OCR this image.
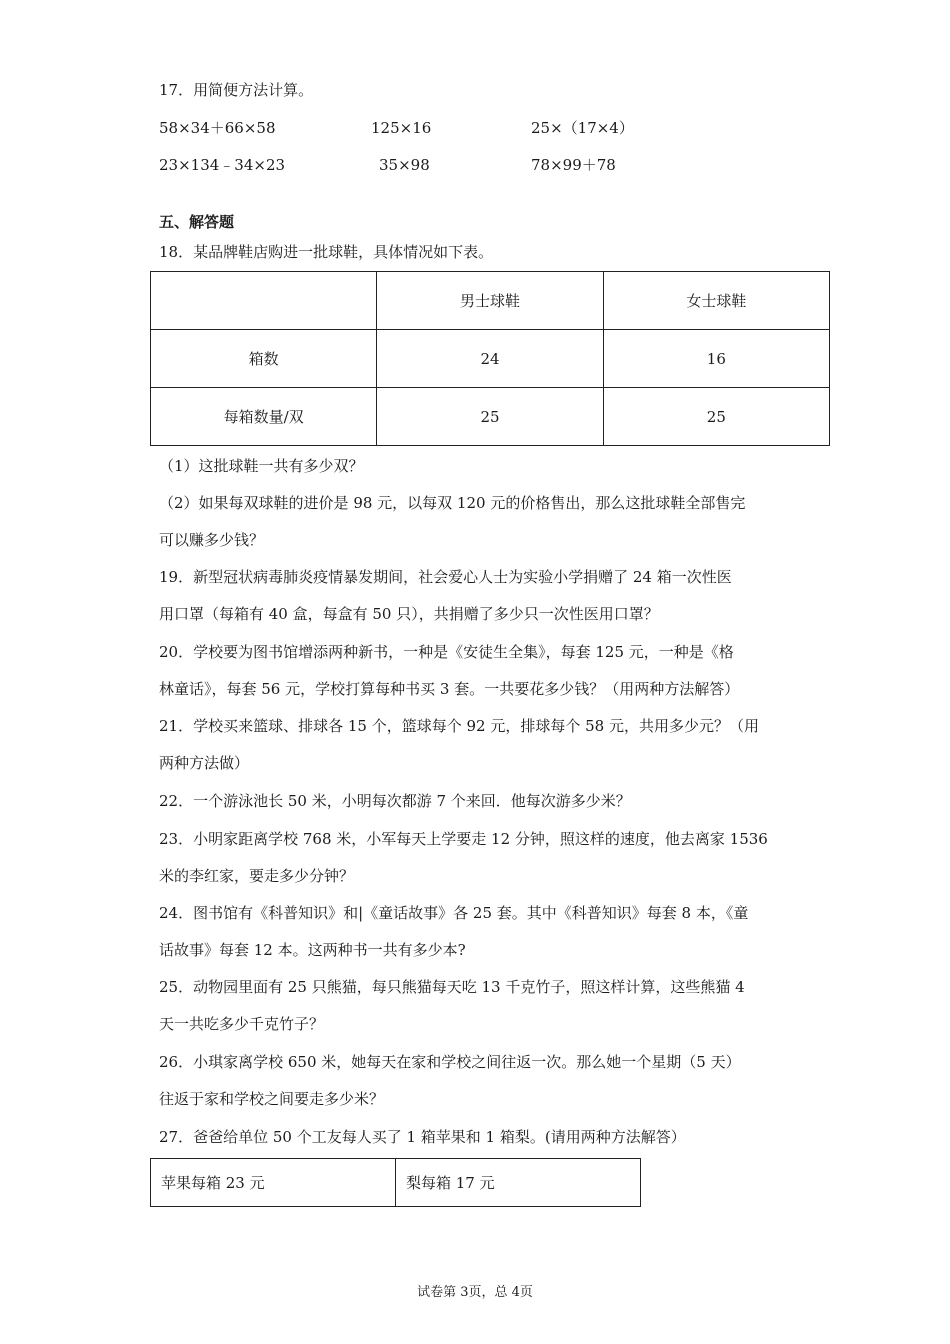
17．用简便方法计算。
58×34＋66×58	125×16	25×（17×4）
23×134﹣34×23	35×98	78×99＋78
五、解答题
18．某品牌鞋店购进一批球鞋，具体情况如下表。
	男士球鞋	女士球鞋
箱数	24	16
每箱数量/双	25	25
（1）这批球鞋一共有多少双？
（2）如果每双球鞋的进价是 98 元，以每双 120 元的价格售出，那么这批球鞋全部售完
可以赚多少钱？
19．新型冠状病毒肺炎疫情暴发期间，社会爱心人士为实验小学捐赠了 24 箱一次性医
用口罩（每箱有 40 盒，每盒有 50 只），共捐赠了多少只一次性医用口罩？
20．学校要为图书馆增添两种新书，一种是《安徒生全集》，每套 125 元，一种是《格
林童话》，每套 56 元，学校打算每种书买 3 套。一共要花多少钱？（用两种方法解答）
21．学校买来篮球、排球各 15 个，篮球每个 92 元，排球每个 58 元，共用多少元？（用
两种方法做）
22．一个游泳池长 50 米，小明每次都游 7 个来回．他每次游多少米？
23．小明家距离学校 768 米，小军每天上学要走 12 分钟，照这样的速度，他去离家 1536
米的李红家，要走多少分钟？
24．图书馆有《科普知识》和|《童话故事》各 25 套。其中《科普知识》每套 8 本，《童
话故事》每套 12 本。这两种书一共有多少本?
25．动物园里面有 25 只熊猫，每只熊猫每天吃 13 千克竹子，照这样计算，这些熊猫 4
天一共吃多少千克竹子？
26．小琪家离学校 650 米，她每天在家和学校之间往返一次。那么她一个星期（5 天）
往返于家和学校之间要走多少米？
27．爸爸给单位 50 个工友每人买了 1 箱苹果和 1 箱梨。(请用两种方法解答）
苹果每箱 23 元	梨每箱 17 元
试卷第 3页，总 4页
